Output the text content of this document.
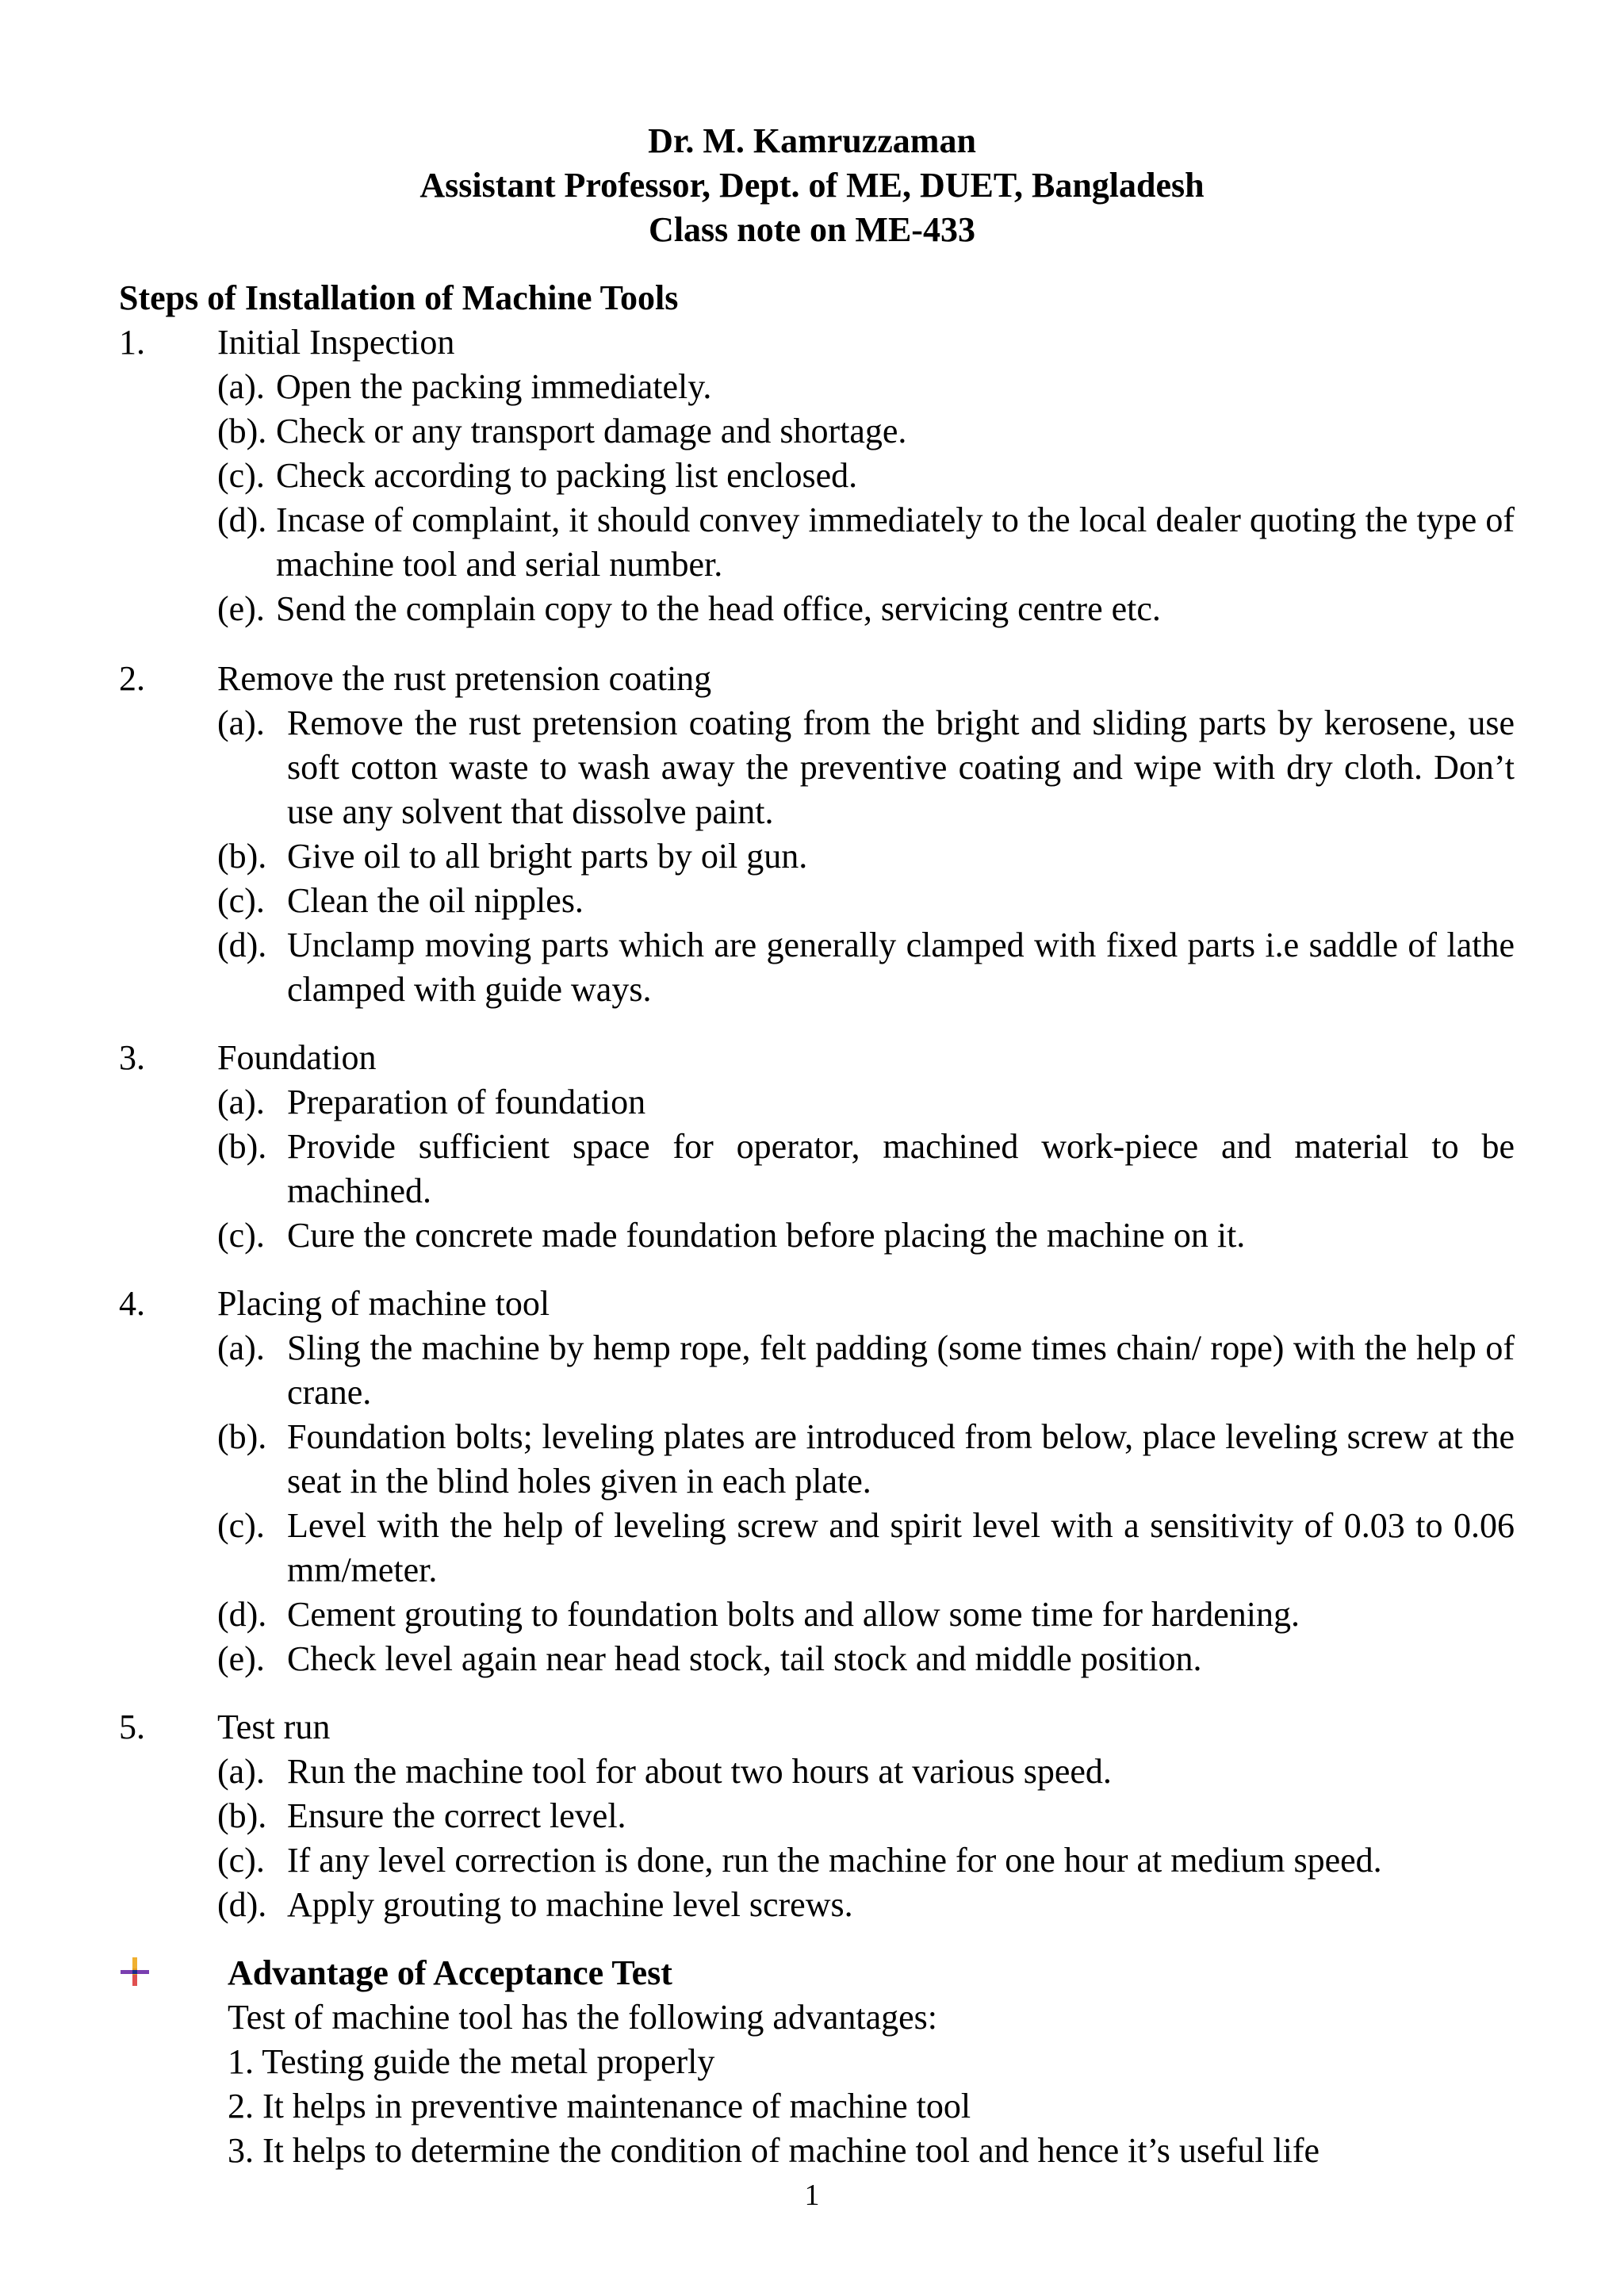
Dr. M. Kamruzzaman
Assistant Professor, Dept. of ME, DUET, Bangladesh
Class note on ME-433
Steps of Installation of Machine Tools
1. Initial Inspection
(a). Open the packing immediately.
(b). Check or any transport damage and shortage.
(c). Check according to packing list enclosed.
(d). Incase of complaint, it should convey immediately to the local dealer quoting the type of machine tool and serial number.
(e). Send the complain copy to the head office, servicing centre etc.
2. Remove the rust pretension coating
(a). Remove the rust pretension coating from the bright and sliding parts by kerosene, use soft cotton waste to wash away the preventive coating and wipe with dry cloth. Don’t use any solvent that dissolve paint.
(b). Give oil to all bright parts by oil gun.
(c). Clean the oil nipples.
(d). Unclamp moving parts which are generally clamped with fixed parts i.e saddle of lathe clamped with guide ways.
3. Foundation
(a). Preparation of foundation
(b). Provide sufficient space for operator, machined work-piece and material to be machined.
(c). Cure the concrete made foundation before placing the machine on it.
4. Placing of machine tool
(a). Sling the machine by hemp rope, felt padding (some times chain/ rope) with the help of crane.
(b). Foundation bolts; leveling plates are introduced from below, place leveling screw at the seat in the blind holes given in each plate.
(c). Level with the help of leveling screw and spirit level with a sensitivity of 0.03 to 0.06 mm/meter.
(d). Cement grouting to foundation bolts and allow some time for hardening.
(e). Check level again near head stock, tail stock and middle position.
5. Test run
(a). Run the machine tool for about two hours at various speed.
(b). Ensure the correct level.
(c). If any level correction is done, run the machine for one hour at medium speed.
(d). Apply grouting to machine level screws.
Advantage of Acceptance Test
Test of machine tool has the following advantages:
1. Testing guide the metal properly
2. It helps in preventive maintenance of machine tool
3. It helps to determine the condition of machine tool and hence it’s useful life
1
